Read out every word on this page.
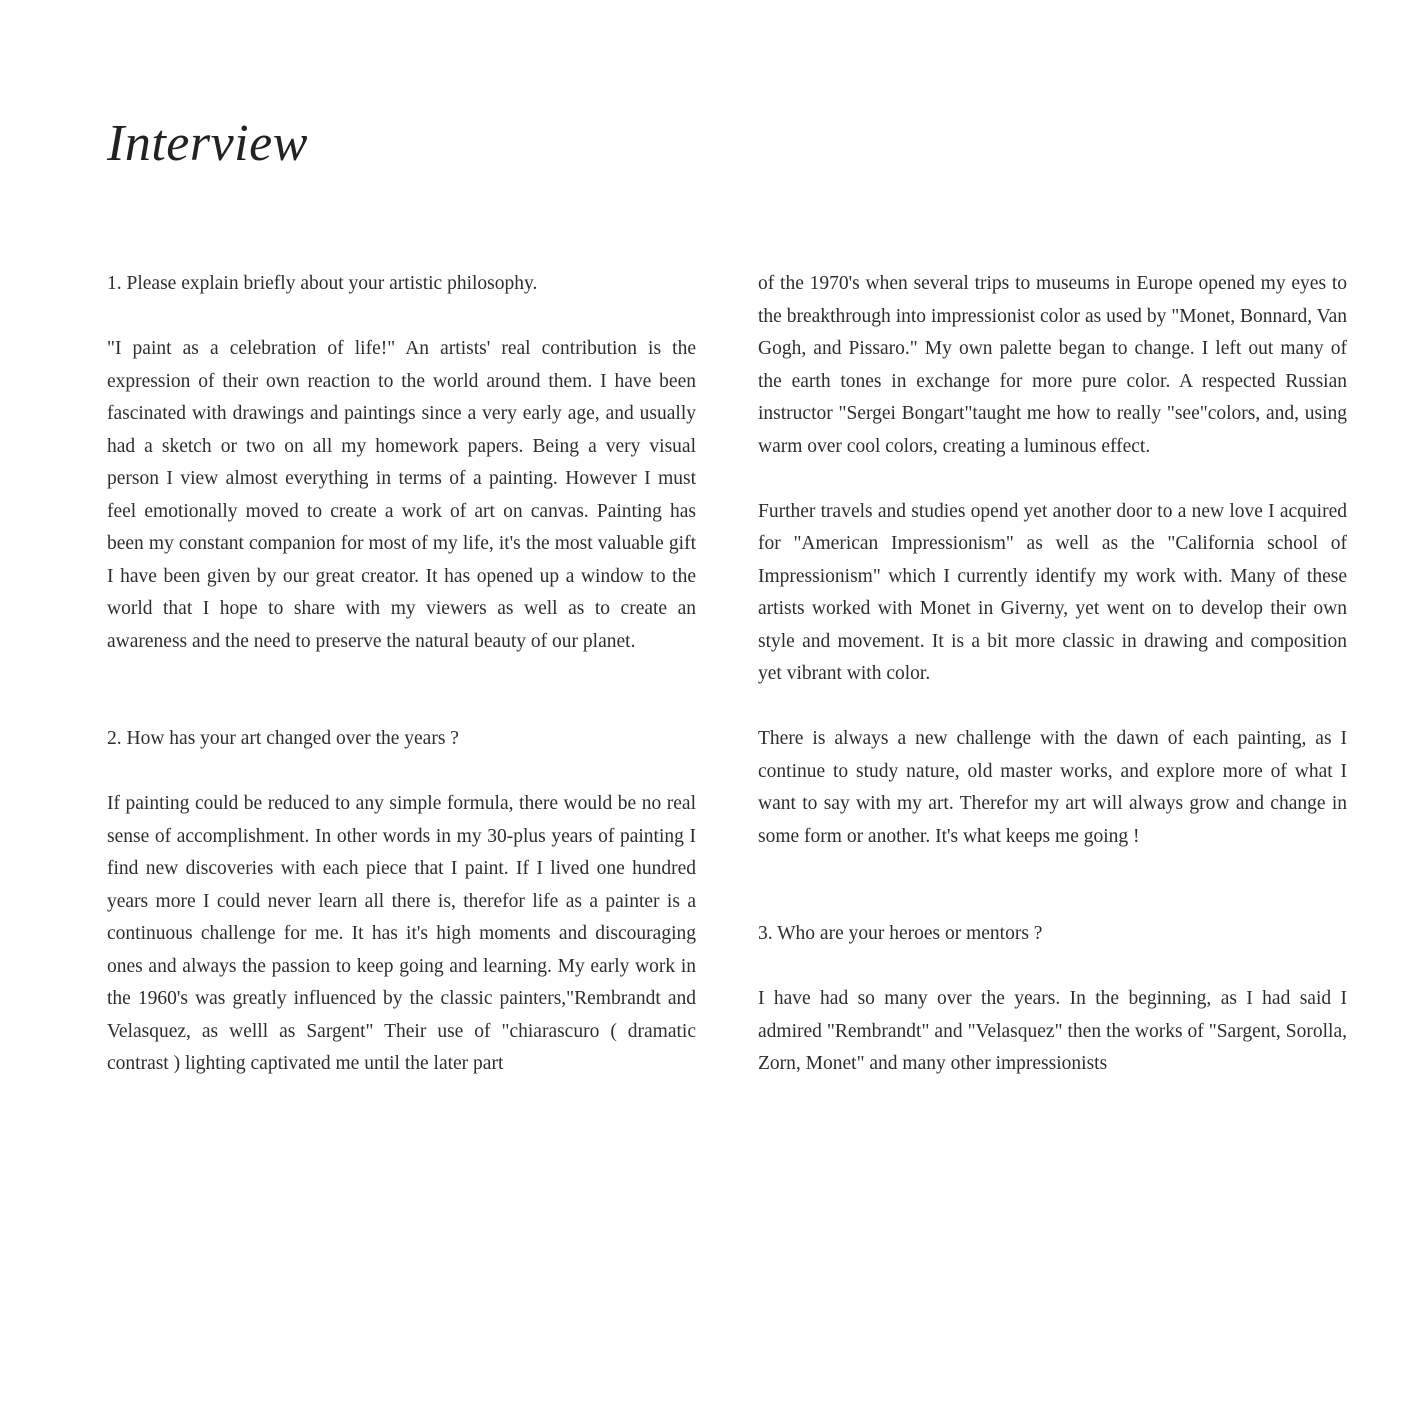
Interview

1. Please explain briefly about your artistic philosophy.

"I paint as a celebration of life!" An artists' real contribution is the expression of their own reaction to the world around them. I have been fascinated with drawings and paintings since a very early age, and usually had a sketch or two on all my homework papers. Being a very visual person I view almost everything in terms of a painting. However I must feel emotionally moved to create a work of art on canvas. Painting has been my constant companion for most of my life, it's the most valuable gift I have been given by our great creator. It has opened up a window to the world that I hope to share with my viewers as well as to create an awareness and the need to preserve the natural beauty of our planet.

2. How has your art changed over the years ?

If painting could be reduced to any simple formula, there would be no real sense of accomplishment. In other words in my 30-plus years of painting I find new discoveries with each piece that I paint. If I lived one hundred years more I could never learn all there is, therefor life as a painter is a continuous challenge for me. It has it's high moments and discouraging ones and always the passion to keep going and learning. My early work in the 1960's was greatly influenced by the classic painters,"Rembrandt and Velasquez, as welll as Sargent" Their use of "chiarascuro ( dramatic contrast ) lighting captivated me until the later part

of the 1970's when several trips to museums in Europe opened my eyes to the breakthrough into impressionist color as used by "Monet, Bonnard, Van Gogh, and Pissaro." My own palette began to change. I left out many of the earth tones in exchange for more pure color. A respected Russian instructor "Sergei Bongart"taught me how to really "see"colors, and, using warm over cool colors, creating a luminous effect.

Further travels and studies opend yet another door to a new love I acquired for "American Impressionism" as well as the "California school of Impressionism" which I currently identify my work with. Many of these artists worked with Monet in Giverny, yet went on to develop their own style and movement. It is a bit more classic in drawing and composition yet vibrant with color.

There is always a new challenge with the dawn of each painting, as I continue to study nature, old master works, and explore more of what I want to say with my art. Therefor my art will always grow and change in some form or another. It's what keeps me going !

3. Who are your heroes or mentors ?

I have had so many over the years. In the beginning, as I had said I admired "Rembrandt" and "Velasquez" then the works of "Sargent, Sorolla, Zorn, Monet" and many other impressionists
